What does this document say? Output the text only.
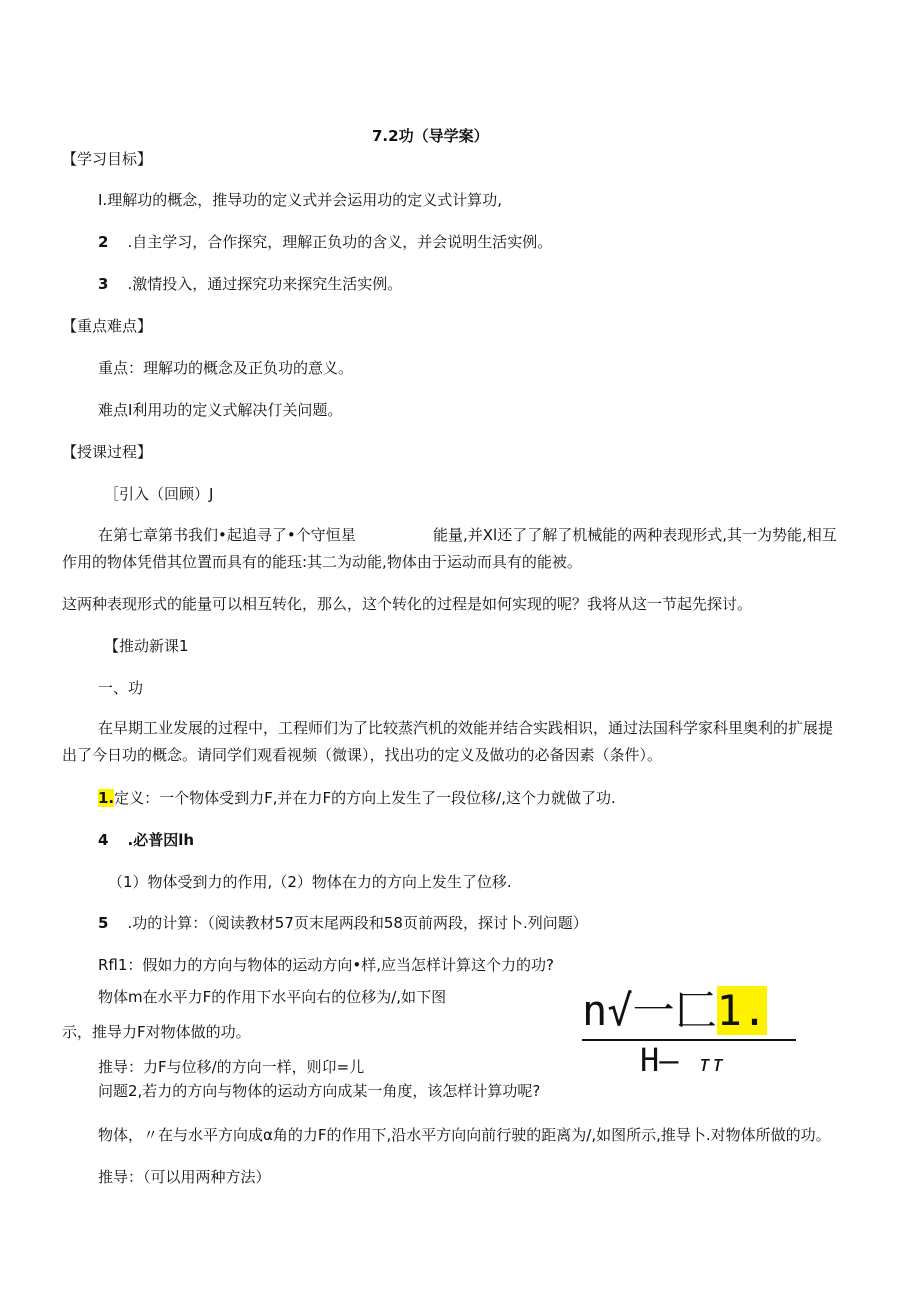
7.2功（导学案）
【学习目标】
I.理解功的概念，推导功的定义式并会运用功的定义式计算功,
2 .自主学习，合作探究，理解正负功的含义，并会说明生活实例。
3 .激情投入，通过探究功来探究生活实例。
【重点难点】
重点：理解功的概念及正负功的意义。
难点I利用功的定义式解决仃关问题。
【授课过程】
［引入（回顾）J
在第七章第书我们•起追寻了•个守恒星	能量,并Xl还了了解了机械能的两种表现形式,其一为势能,相互
作用的物体凭借其位置而具有的能珏:其二为动能,物体由于运动而具有的能被。
这两种表现形式的能量可以相互转化，那么，这个转化的过程是如何实现的呢？我将从这一节起先探讨。
【推动新课1
一、功
在早期工业发展的过程中，工程师们为了比较蒸汽机的效能并结合实践相识，通过法国科学家科里奥利的扩展提
出了今日功的概念。请同学们观看视频（微课），找出功的定义及做功的必备因素（条件）。
1.定义：一个物体受到力F,并在力F的方向上发生了一段位移/,这个力就做了功.
4 .必普因lh
（1）物体受到力的作用,（2）物体在力的方向上发生了位移.
5 .功的计算：（阅读教材57页末尾两段和58页前两段，探讨卜.列问题）
Rfl1：假如力的方向与物体的运动方向•样,应当怎样计算这个力的功?
物体m在水平力F的作用下水平向右的位移为/,如下图
示，推导力F对物体做的功。
推导：力F与位移/的方向一样，则卬=儿
问题2,若力的方向与物体的运动方向成某一角度，该怎样计算功呢?
物体，〃在与水平方向成α角的力F的作用下,沿水平方向向前行驶的距离为/,如图所示,推导卜.对物体所做的功。
推导：（可以用两种方法）
n√一匚1.
H— тт
